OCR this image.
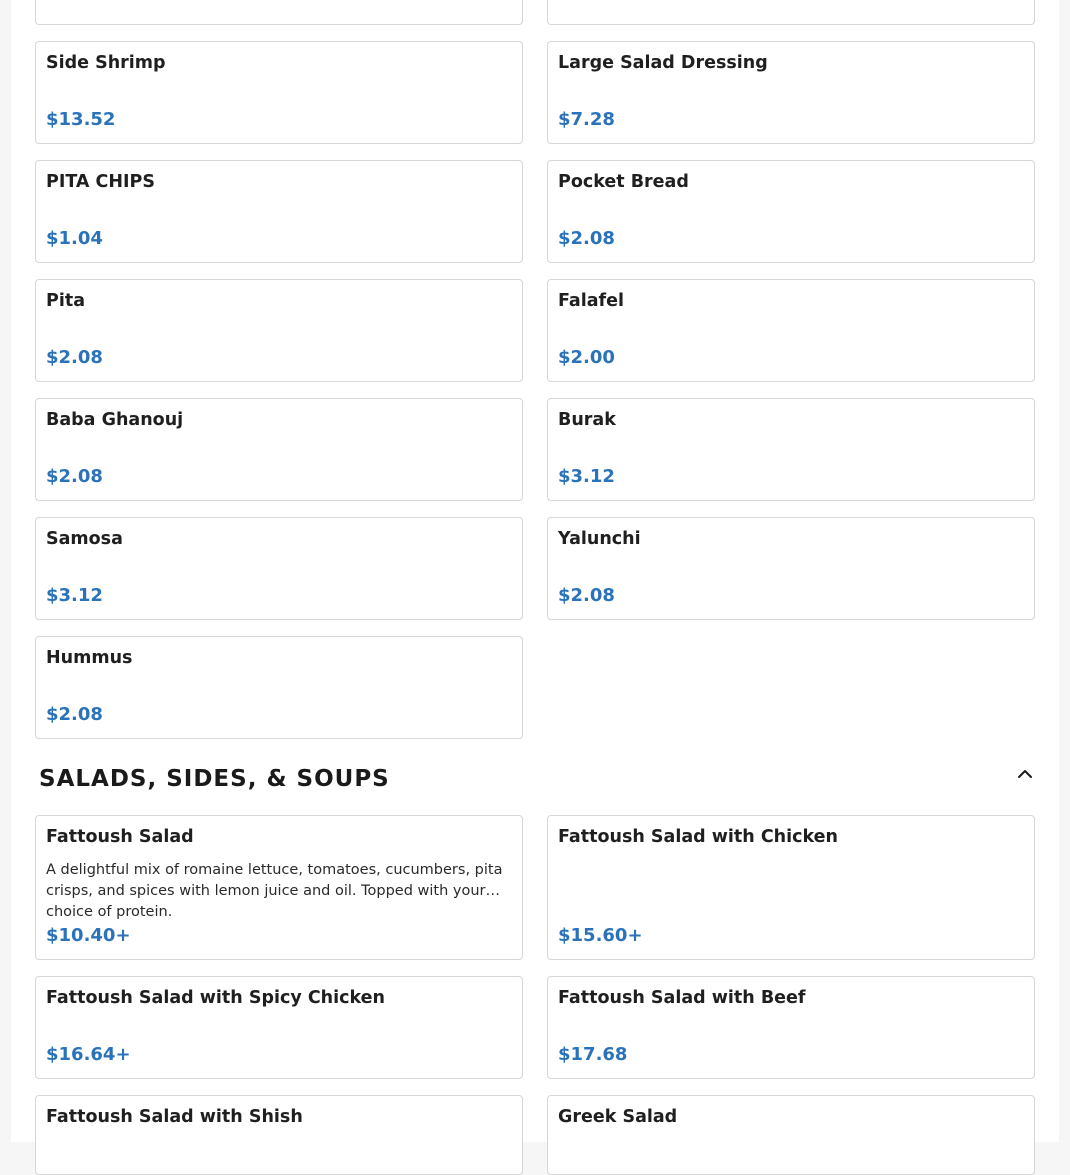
Side Shrimp
$13.52
Large Salad Dressing
$7.28
PITA CHIPS
$1.04
Pocket Bread
$2.08
Pita
$2.08
Falafel
$2.00
Baba Ghanouj
$2.08
Burak
$3.12
Samosa
$3.12
Yalunchi
$2.08
Hummus
$2.08
SALADS, SIDES, & SOUPS
Fattoush Salad
A delightful mix of romaine lettuce, tomatoes, cucumbers, pita crisps, and spices with lemon juice and oil. Topped with your choice of protein.
$10.40+
Fattoush Salad with Chicken
$15.60+
Fattoush Salad with Spicy Chicken
$16.64+
Fattoush Salad with Beef
$17.68
Fattoush Salad with Shish	Greek Salad
